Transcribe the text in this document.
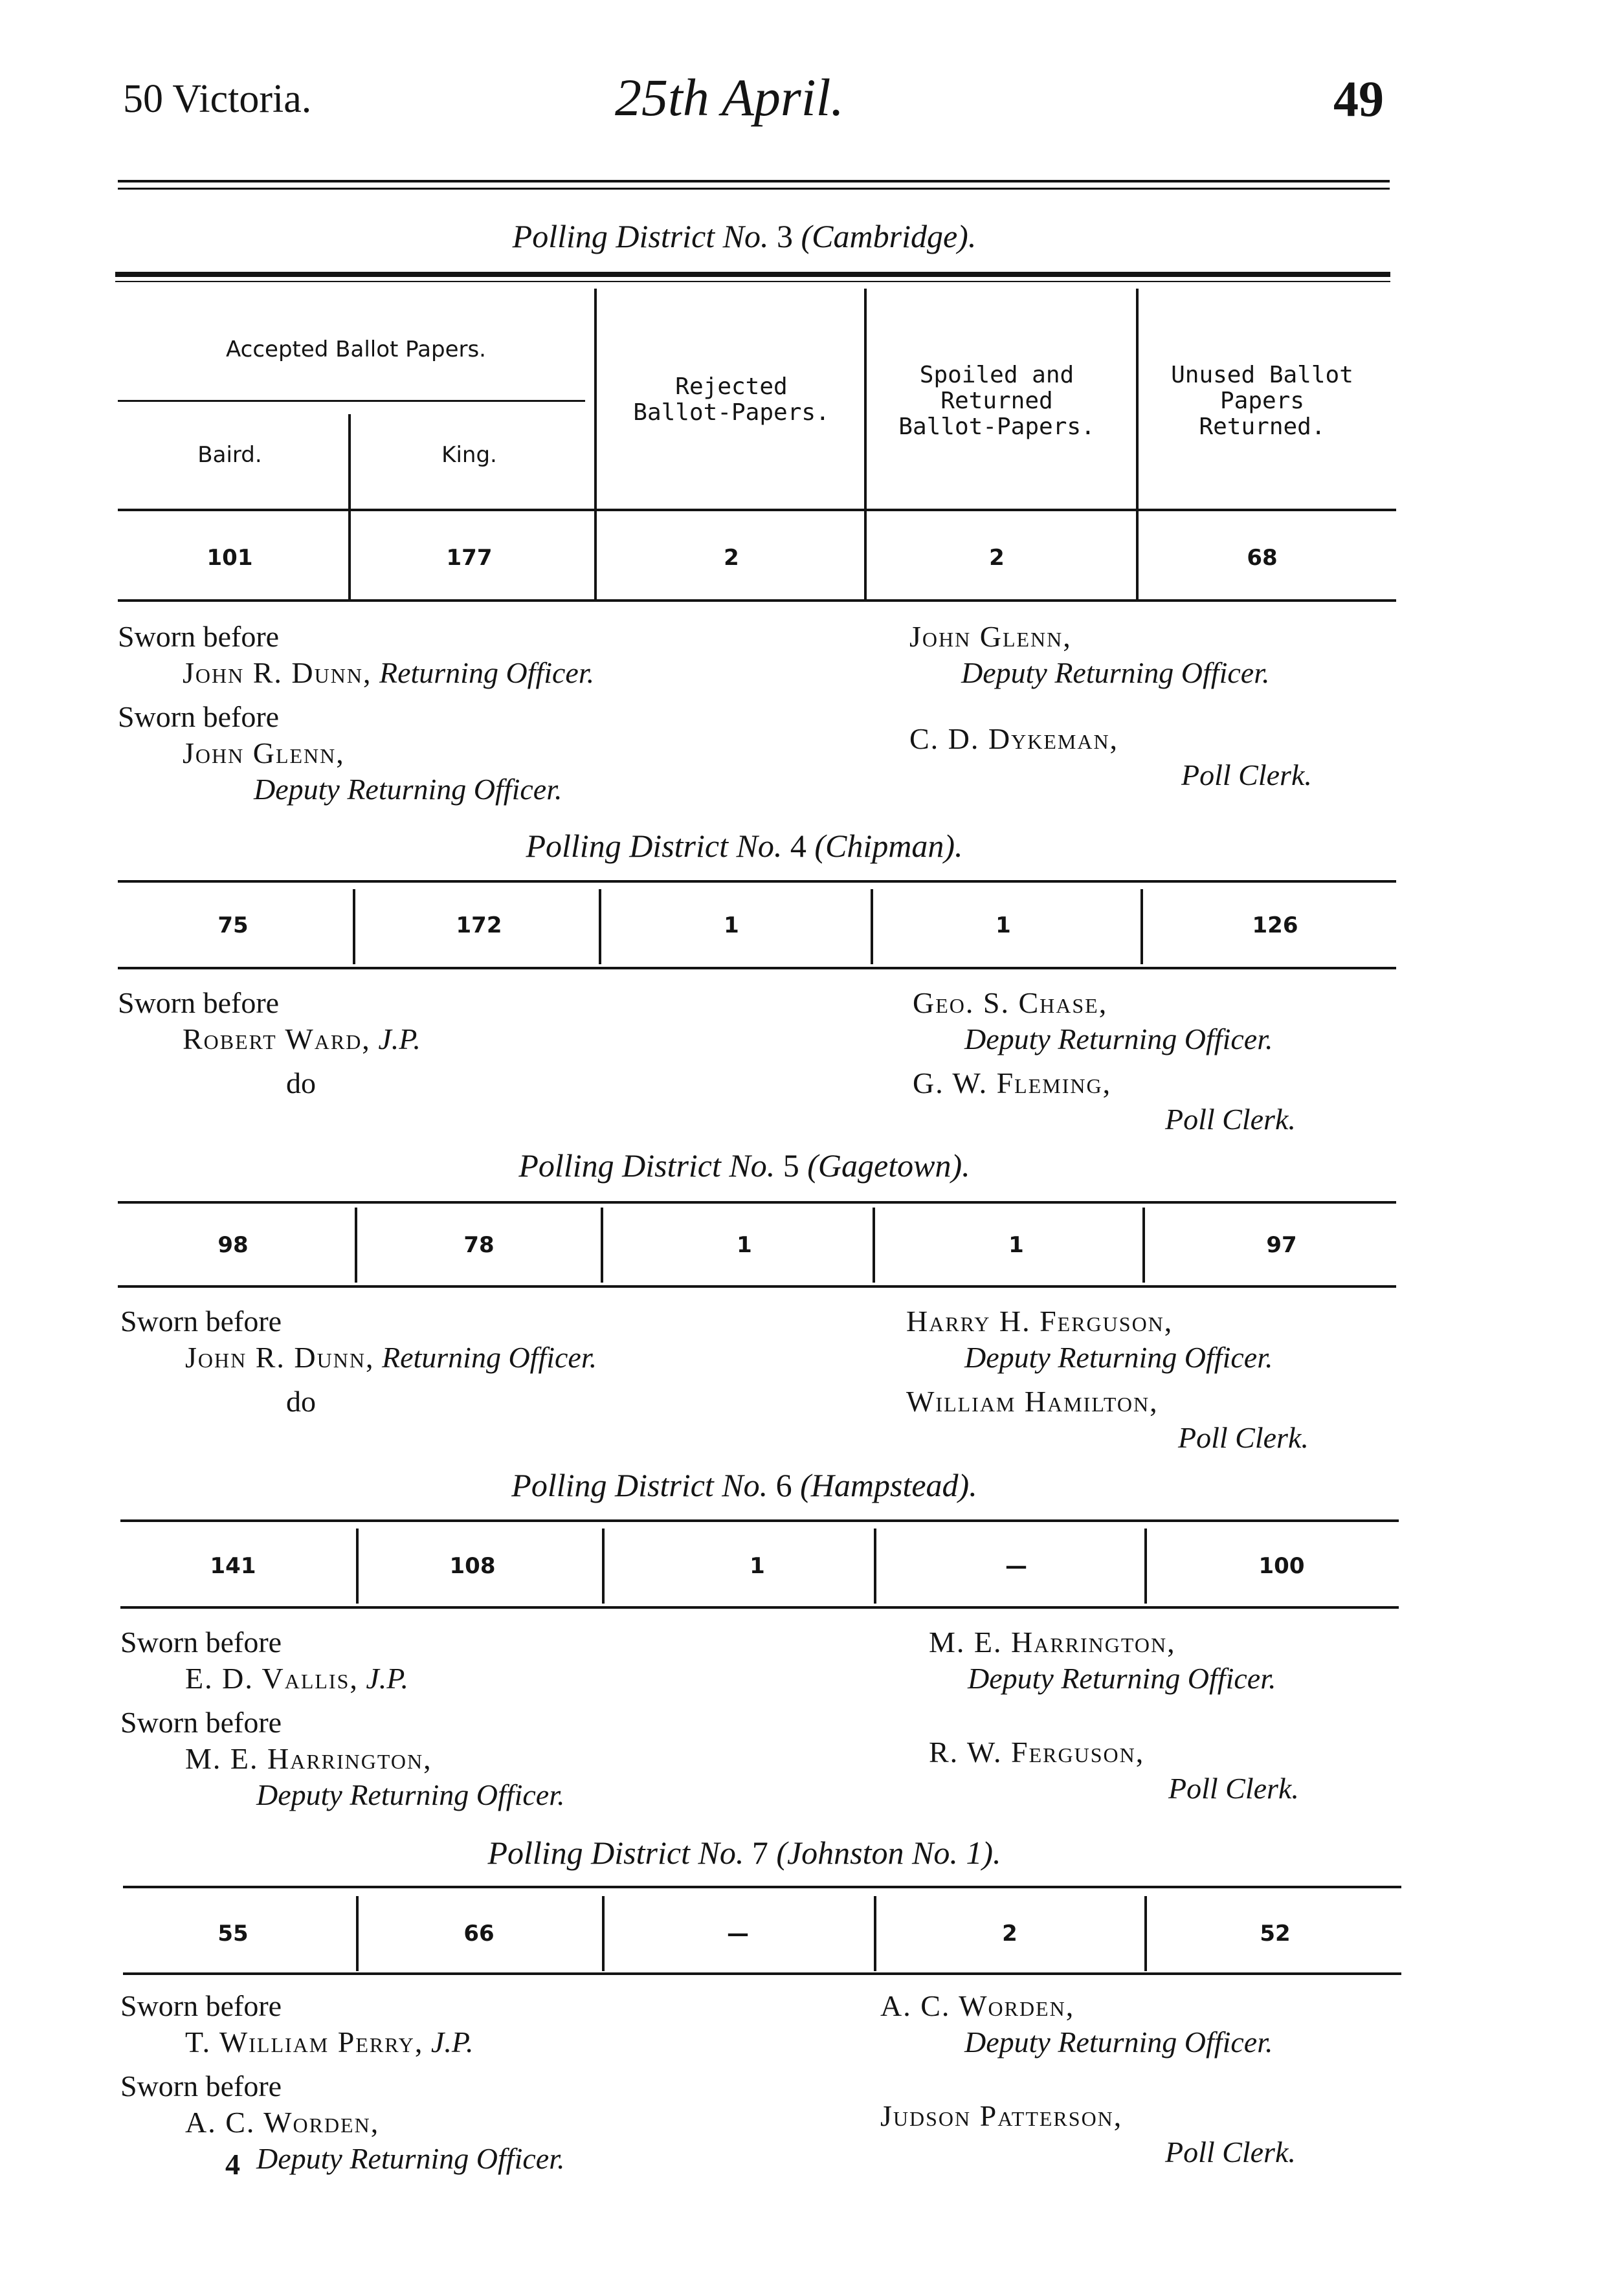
50 Victoria.	25th April.	49
Polling District No. 3 (Cambridge).
Accepted Ballot Papers.
Baird.	King.
Rejected Ballot-Papers.
Spoiled and Returned Ballot-Papers.
Unused Ballot Papers Returned.
101	177	2	2	68
Sworn before
John R. Dunn, Returning Officer.
Sworn before
John Glenn,
Deputy Returning Officer.
John Glenn,
Deputy Returning Officer.
C. D. Dykeman,
Poll Clerk.
Polling District No. 4 (Chipman).
75	172	1	1	126
Sworn before
Robert Ward, J.P.
do
Geo. S. Chase,
Deputy Returning Officer.
G. W. Fleming,
Poll Clerk.
Polling District No. 5 (Gagetown).
98	78	1	1	97
Sworn before
John R. Dunn, Returning Officer.
do
Harry H. Ferguson,
Deputy Returning Officer.
William Hamilton,
Poll Clerk.
Polling District No. 6 (Hampstead).
141	108	1	—	100
Sworn before
E. D. Vallis, J.P.
Sworn before
M. E. Harrington,
Deputy Returning Officer.
M. E. Harrington,
Deputy Returning Officer.
R. W. Ferguson,
Poll Clerk.
Polling District No. 7 (Johnston No. 1).
55	66	—	2	52
Sworn before
T. William Perry, J.P.
Sworn before
A. C. Worden,
Deputy Returning Officer.
A. C. Worden,
Deputy Returning Officer.
Judson Patterson,
Poll Clerk.
4
